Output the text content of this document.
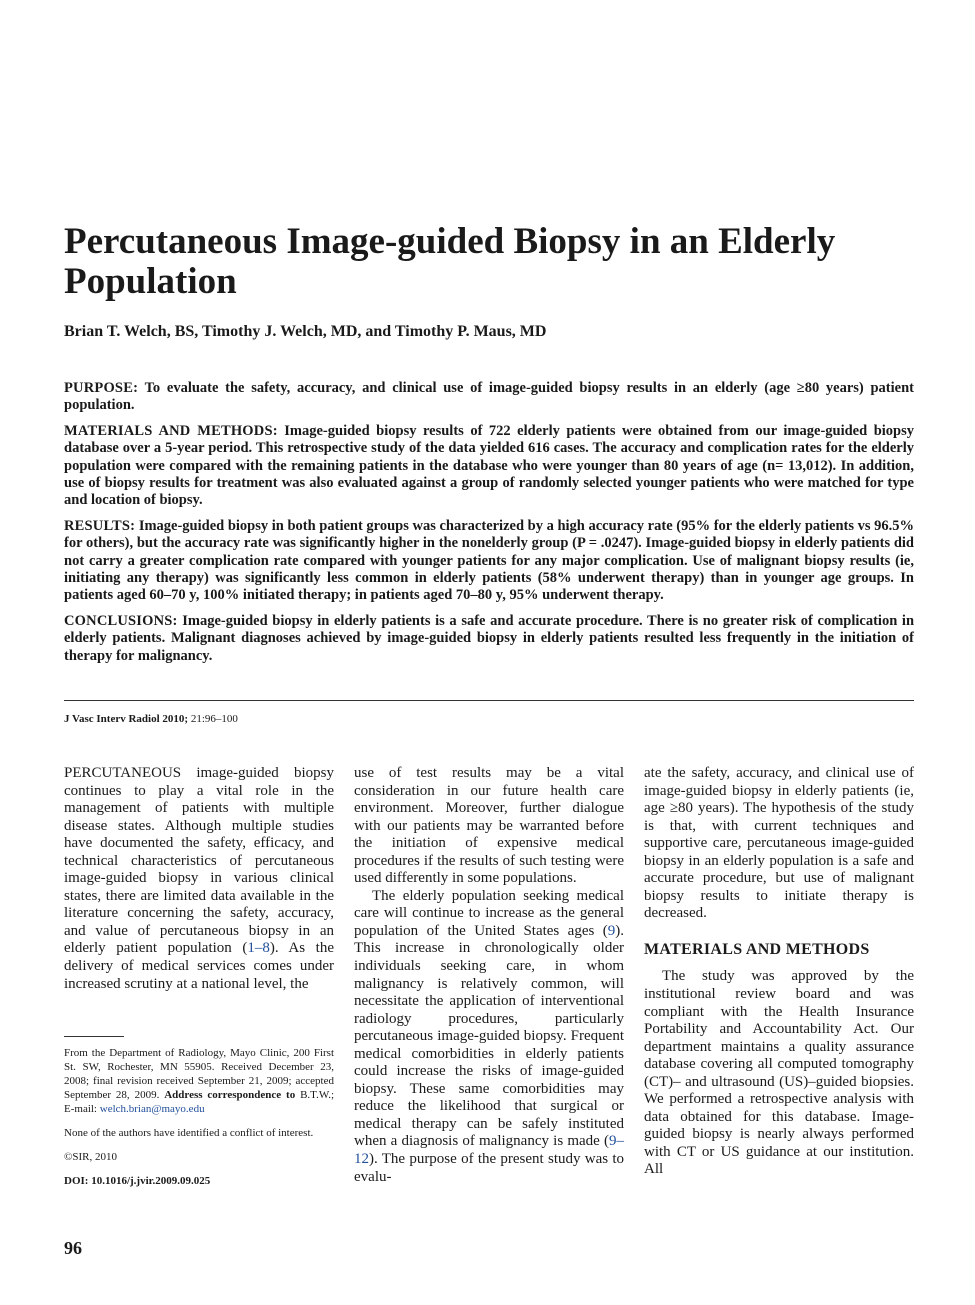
Percutaneous Image-guided Biopsy in an Elderly Population
Brian T. Welch, BS, Timothy J. Welch, MD, and Timothy P. Maus, MD

PURPOSE: To evaluate the safety, accuracy, and clinical use of image-guided biopsy results in an elderly (age ≥80 years) patient population.

MATERIALS AND METHODS: Image-guided biopsy results of 722 elderly patients were obtained from our image-guided biopsy database over a 5-year period. This retrospective study of the data yielded 616 cases. The accuracy and complication rates for the elderly population were compared with the remaining patients in the database who were younger than 80 years of age (n= 13,012). In addition, use of biopsy results for treatment was also evaluated against a group of randomly selected younger patients who were matched for type and location of biopsy.

RESULTS: Image-guided biopsy in both patient groups was characterized by a high accuracy rate (95% for the elderly patients vs 96.5% for others), but the accuracy rate was significantly higher in the nonelderly group (P = .0247). Image-guided biopsy in elderly patients did not carry a greater complication rate compared with younger patients for any major complication. Use of malignant biopsy results (ie, initiating any therapy) was significantly less common in elderly patients (58% underwent therapy) than in younger age groups. In patients aged 60–70 y, 100% initiated therapy; in patients aged 70–80 y, 95% underwent therapy.

CONCLUSIONS: Image-guided biopsy in elderly patients is a safe and accurate procedure. There is no greater risk of complication in elderly patients. Malignant diagnoses achieved by image-guided biopsy in elderly patients resulted less frequently in the initiation of therapy for malignancy.

J Vasc Interv Radiol 2010; 21:96–100

PERCUTANEOUS image-guided biopsy continues to play a vital role in the management of patients with multiple disease states. Although multiple studies have documented the safety, efficacy, and technical characteristics of percutaneous image-guided biopsy in various clinical states, there are limited data available in the literature concerning the safety, accuracy, and value of percutaneous biopsy in an elderly patient population (1–8). As the delivery of medical services comes under increased scrutiny at a national level, the

use of test results may be a vital consideration in our future health care environment. Moreover, further dialogue with our patients may be warranted before the initiation of expensive medical procedures if the results of such testing were used differently in some populations.

The elderly population seeking medical care will continue to increase as the general population of the United States ages (9). This increase in chronologically older individuals seeking care, in whom malignancy is relatively common, will necessitate the application of interventional radiology procedures, particularly percutaneous image-guided biopsy. Frequent medical comorbidities in elderly patients could increase the risks of image-guided biopsy. These same comorbidities may reduce the likelihood that surgical or medical therapy can be safely instituted when a diagnosis of malignancy is made (9–12). The purpose of the present study was to evalu-

ate the safety, accuracy, and clinical use of image-guided biopsy in elderly patients (ie, age ≥80 years). The hypothesis of the study is that, with current techniques and supportive care, percutaneous image-guided biopsy in an elderly population is a safe and accurate procedure, but use of malignant biopsy results to initiate therapy is decreased.

MATERIALS AND METHODS

The study was approved by the institutional review board and was compliant with the Health Insurance Portability and Accountability Act. Our department maintains a quality assurance database covering all computed tomography (CT)– and ultrasound (US)–guided biopsies. We performed a retrospective analysis with data obtained for this database. Image-guided biopsy is nearly always performed with CT or US guidance at our institution. All

From the Department of Radiology, Mayo Clinic, 200 First St. SW, Rochester, MN 55905. Received December 23, 2008; final revision received September 21, 2009; accepted September 28, 2009. Address correspondence to B.T.W.; E-mail: welch.brian@mayo.edu

None of the authors have identified a conflict of interest.

©SIR, 2010

DOI: 10.1016/j.jvir.2009.09.025

96
